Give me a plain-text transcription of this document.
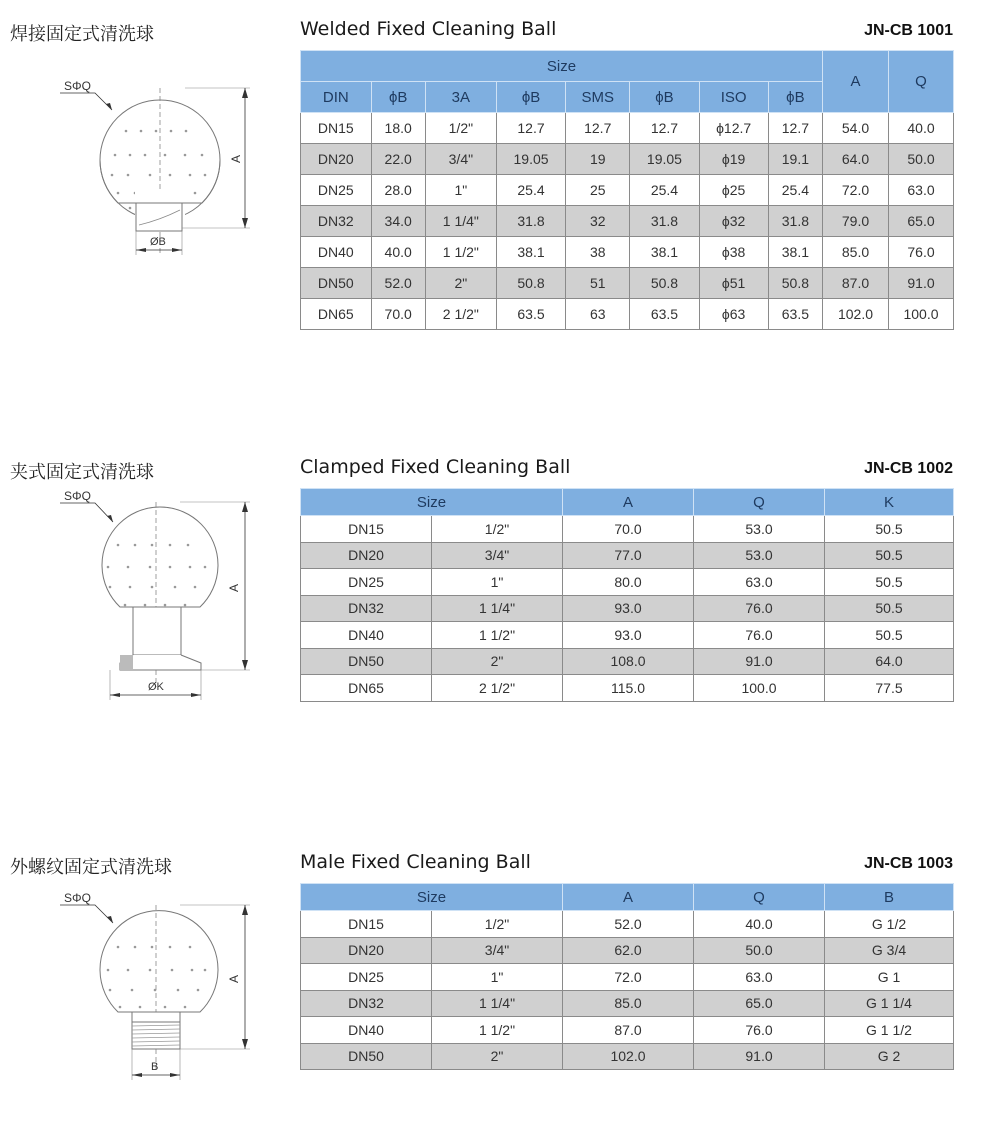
焊接固定式清洗球	Welded Fixed Cleaning Ball	JN-CB 1001
SΦQ
A
ØB
Size								A	Q
DIN	ϕB	3A	ϕB	SMS	ϕB	ISO	ϕB		
DN15	18.0	1/2"	12.7	12.7	12.7	ϕ12.7	12.7	54.0	40.0
DN20	22.0	3/4"	19.05	19	19.05	ϕ19	19.1	64.0	50.0
DN25	28.0	1"	25.4	25	25.4	ϕ25	25.4	72.0	63.0
DN32	34.0	1 1/4"	31.8	32	31.8	ϕ32	31.8	79.0	65.0
DN40	40.0	1 1/2"	38.1	38	38.1	ϕ38	38.1	85.0	76.0
DN50	52.0	2"	50.8	51	50.8	ϕ51	50.8	87.0	91.0
DN65	70.0	2 1/2"	63.5	63	63.5	ϕ63	63.5	102.0	100.0
夹式固定式清洗球	Clamped Fixed Cleaning Ball	JN-CB 1002
SΦQ
A
ØK
Size		A	Q	K
DN15	1/2"	70.0	53.0	50.5
DN20	3/4"	77.0	53.0	50.5
DN25	1"	80.0	63.0	50.5
DN32	1 1/4"	93.0	76.0	50.5
DN40	1 1/2"	93.0	76.0	50.5
DN50	2"	108.0	91.0	64.0
DN65	2 1/2"	115.0	100.0	77.5
外螺纹固定式清洗球	Male Fixed Cleaning Ball	JN-CB 1003
SΦQ
A
B
Size		A	Q	B
DN15	1/2"	52.0	40.0	G 1/2
DN20	3/4"	62.0	50.0	G 3/4
DN25	1"	72.0	63.0	G 1
DN32	1 1/4"	85.0	65.0	G 1 1/4
DN40	1 1/2"	87.0	76.0	G 1 1/2
DN50	2"	102.0	91.0	G 2
